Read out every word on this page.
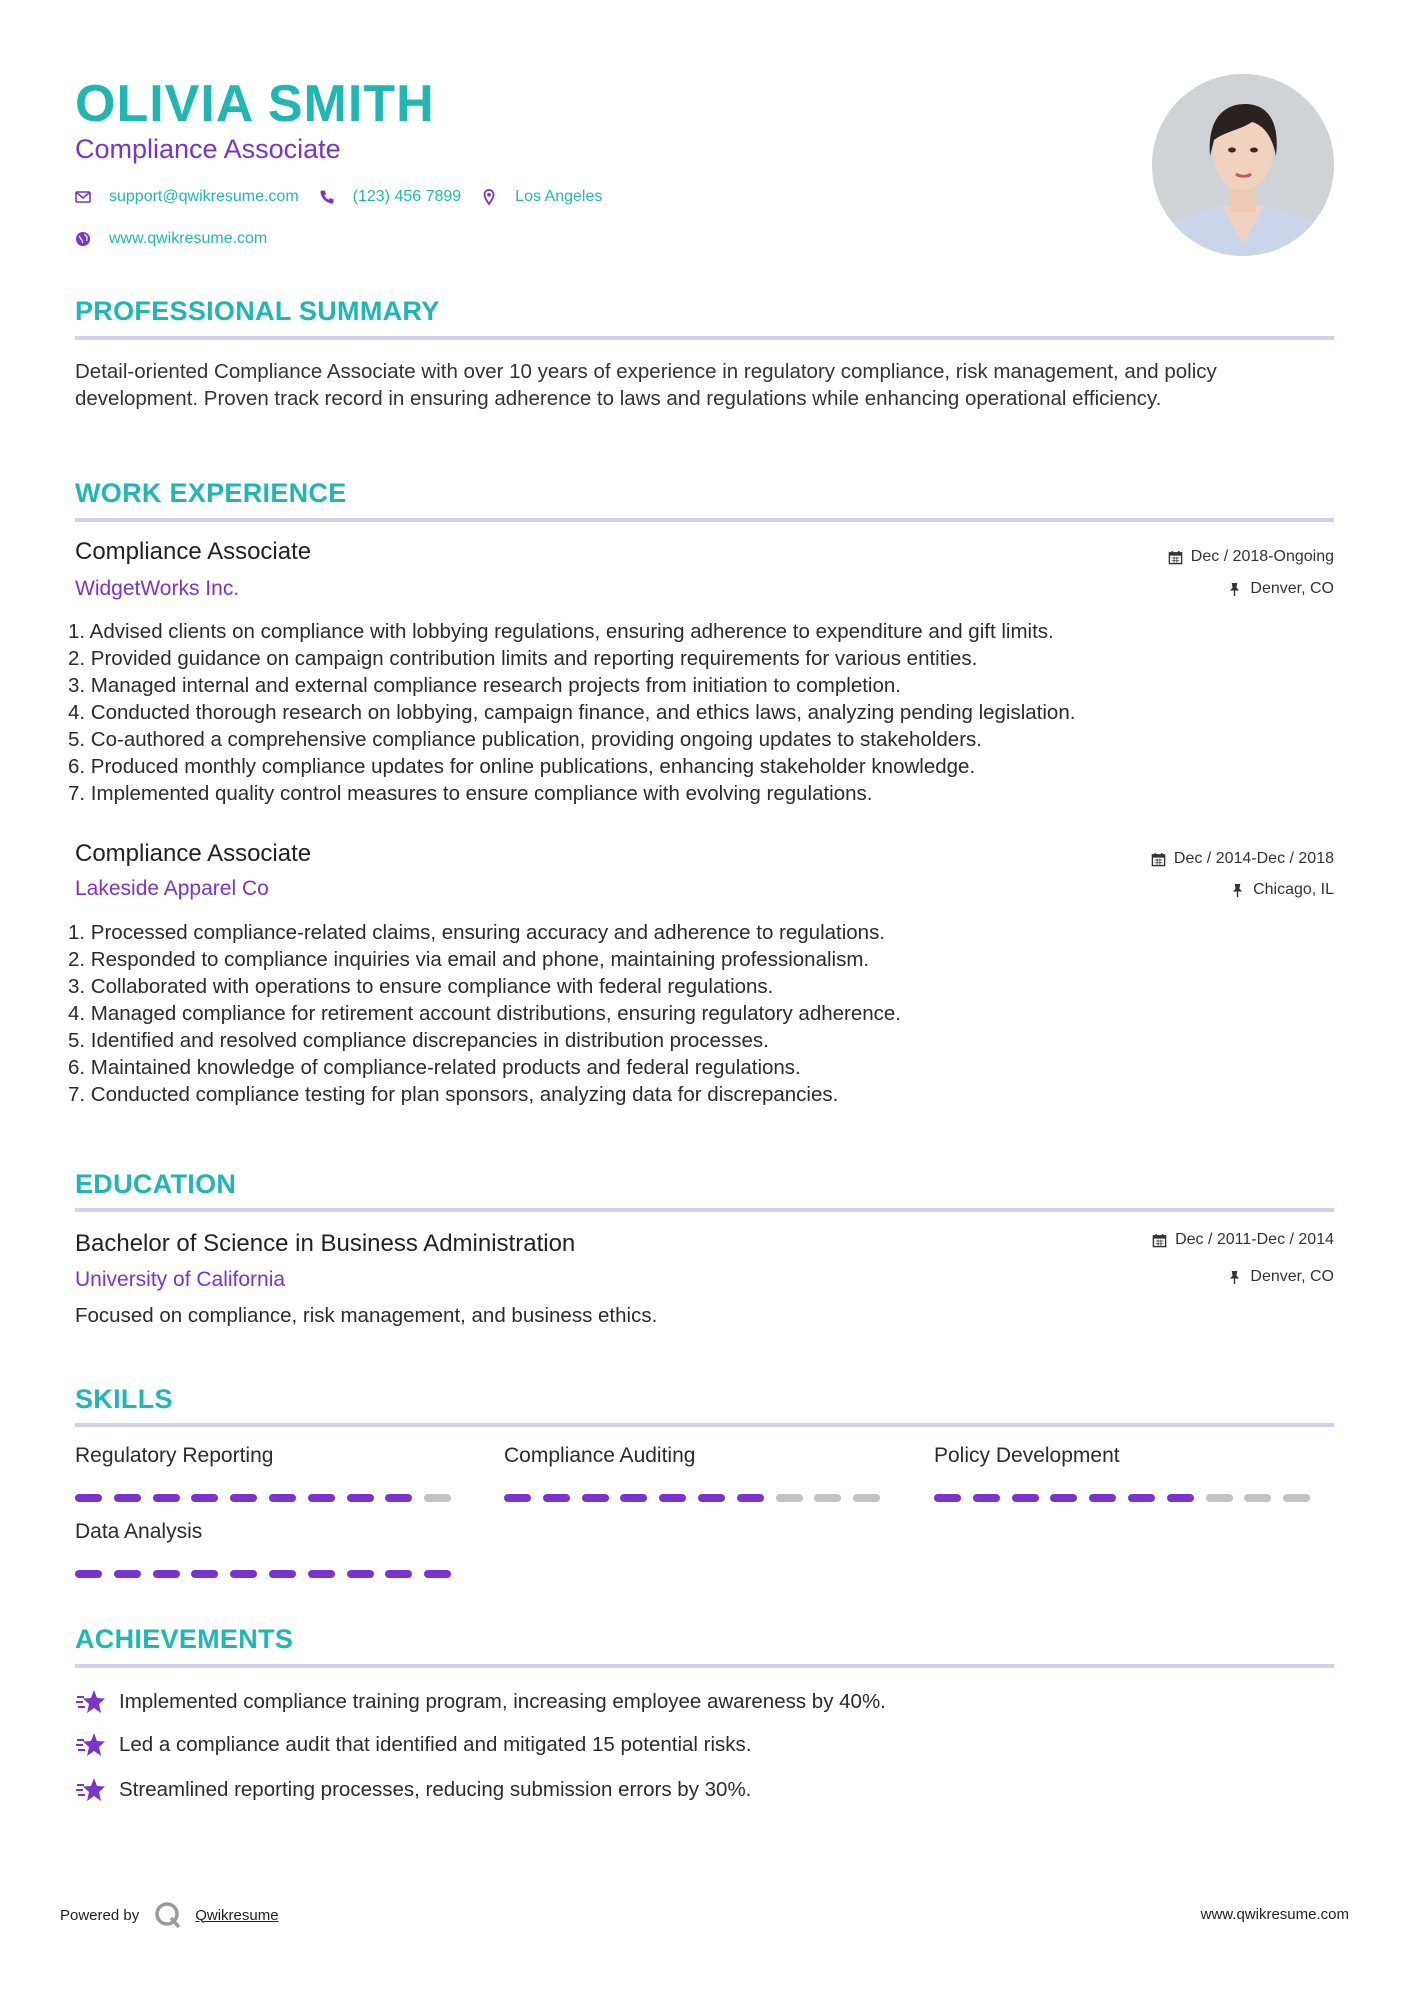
OLIVIA SMITH
Compliance Associate
support@qwikresume.com	(123) 456 7899	Los Angeles
www.qwikresume.com
PROFESSIONAL SUMMARY
Detail-oriented Compliance Associate with over 10 years of experience in regulatory compliance, risk management, and policy development. Proven track record in ensuring adherence to laws and regulations while enhancing operational efficiency.
WORK EXPERIENCE
Compliance Associate
WidgetWorks Inc.
Dec / 2018-Ongoing
Denver, CO
1. Advised clients on compliance with lobbying regulations, ensuring adherence to expenditure and gift limits.
2. Provided guidance on campaign contribution limits and reporting requirements for various entities.
3. Managed internal and external compliance research projects from initiation to completion.
4. Conducted thorough research on lobbying, campaign finance, and ethics laws, analyzing pending legislation.
5. Co-authored a comprehensive compliance publication, providing ongoing updates to stakeholders.
6. Produced monthly compliance updates for online publications, enhancing stakeholder knowledge.
7. Implemented quality control measures to ensure compliance with evolving regulations.
Compliance Associate
Lakeside Apparel Co
Dec / 2014-Dec / 2018
Chicago, IL
1. Processed compliance-related claims, ensuring accuracy and adherence to regulations.
2. Responded to compliance inquiries via email and phone, maintaining professionalism.
3. Collaborated with operations to ensure compliance with federal regulations.
4. Managed compliance for retirement account distributions, ensuring regulatory adherence.
5. Identified and resolved compliance discrepancies in distribution processes.
6. Maintained knowledge of compliance-related products and federal regulations.
7. Conducted compliance testing for plan sponsors, analyzing data for discrepancies.
EDUCATION
Bachelor of Science in Business Administration
University of California
Dec / 2011-Dec / 2014
Denver, CO
Focused on compliance, risk management, and business ethics.
SKILLS
Regulatory Reporting	Compliance Auditing	Policy Development
Data Analysis
ACHIEVEMENTS
Implemented compliance training program, increasing employee awareness by 40%.
Led a compliance audit that identified and mitigated 15 potential risks.
Streamlined reporting processes, reducing submission errors by 30%.
Powered by	Qwikresume	www.qwikresume.com
